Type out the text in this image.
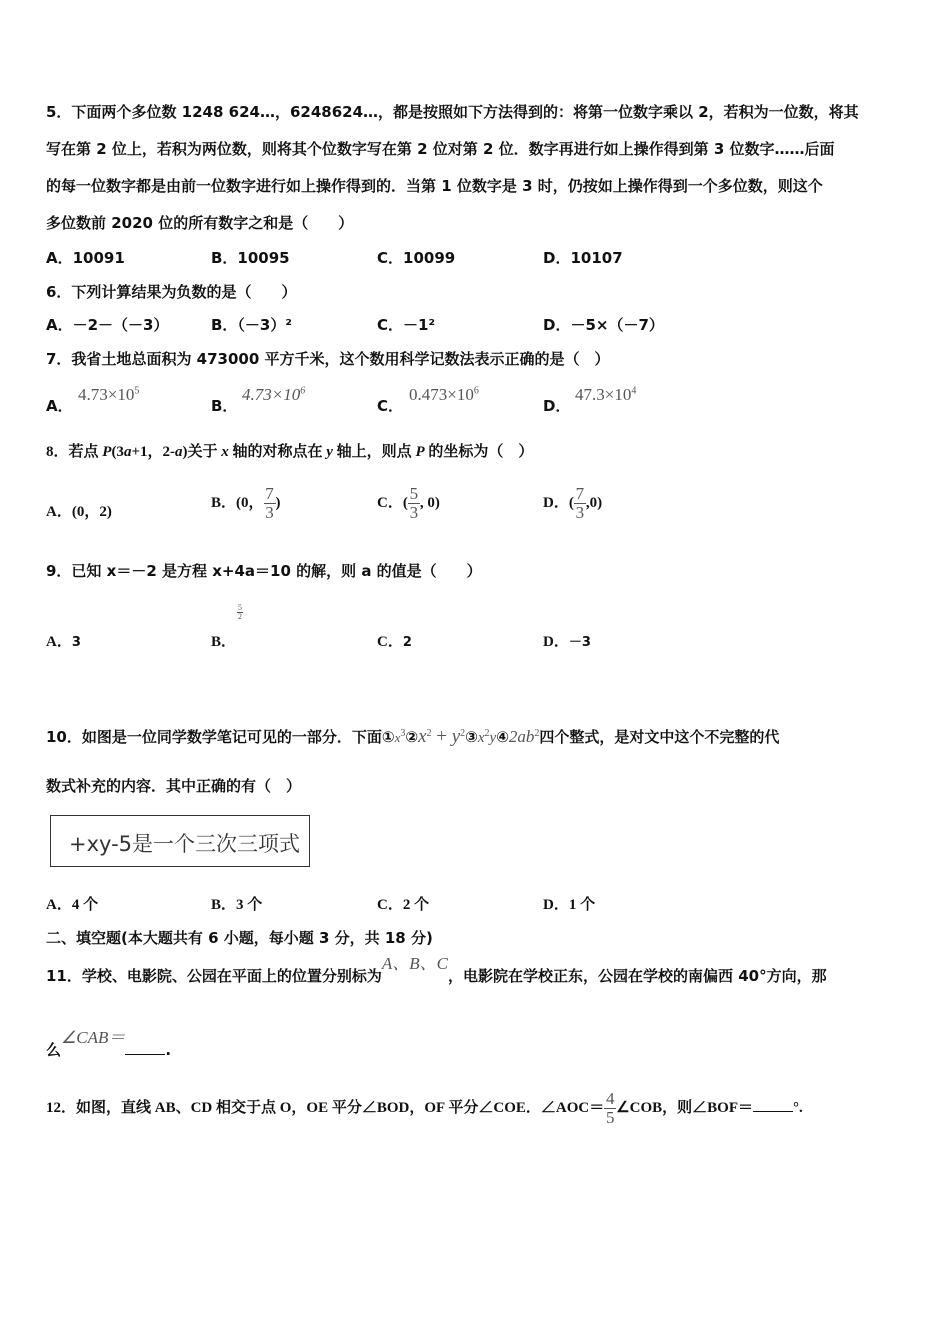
5．下面两个多位数 1248 624…，6248624…，都是按照如下方法得到的：将第一位数字乘以 2，若积为一位数，将其
写在第 2 位上，若积为两位数，则将其个位数字写在第 2 位对第 2 位．数字再进行如上操作得到第 3 位数字……后面
的每一位数字都是由前一位数字进行如上操作得到的．当第 1 位数字是 3 时，仍按如上操作得到一个多位数，则这个
多位数前 2020 位的所有数字之和是（　　）
A．10091	B．10095	C．10099	D．10107
6．下列计算结果为负数的是（　　）
A．－2－（－3）	B．（－3）²	C．－1²	D．－5×（－7）
7．我省土地总面积为 473000 平方千米，这个数用科学记数法表示正确的是（　）
A．
$4.73\times 10^5$
B．
$4.73\times 10^6$
C．
$0.473\times 10^6$
D．
$47.3\times 10^4$
8．若点 P(3a+1，2-a)关于 x 轴的对称点在 y 轴上，则点 P 的坐标为（　）
A．(0，2)
B．(0， $\frac{7}{3}$ )	C．( $\frac{5}{3}$ , 0)	D．( $\frac{7}{3} ,0$)
9．已知 x＝－2 是方程 x+4a＝10 的解，则 a 的值是（　　）
A．3	B．
$\frac{5}{2}$
C．2	D．－3
10．如图是一位同学数学笔记可见的一部分．下面$①x^3②x^2$ + $y^2③x^2y④2ab^2$四个整式，是对文中这个不完整的代
数式补充的内容．其中正确的有（　）
+xy-5是一个三次三项式
A．4 个	B．3 个	C．2 个	D．1 个
二、填空题(本大题共有 6 小题，每小题 3 分，共 18 分)
11．学校、电影院、公园在平面上的位置分别标为A、B、C，电影院在学校正东，公园在学校的南偏西 40°方向，那
么∠CAB＝.
12．如图，直线 AB、CD 相交于点 O，OE 平分∠BOD，OF 平分∠COE．∠AOC＝ $\frac{4}{5}$ ∠COB，则∠BOF＝	°.
